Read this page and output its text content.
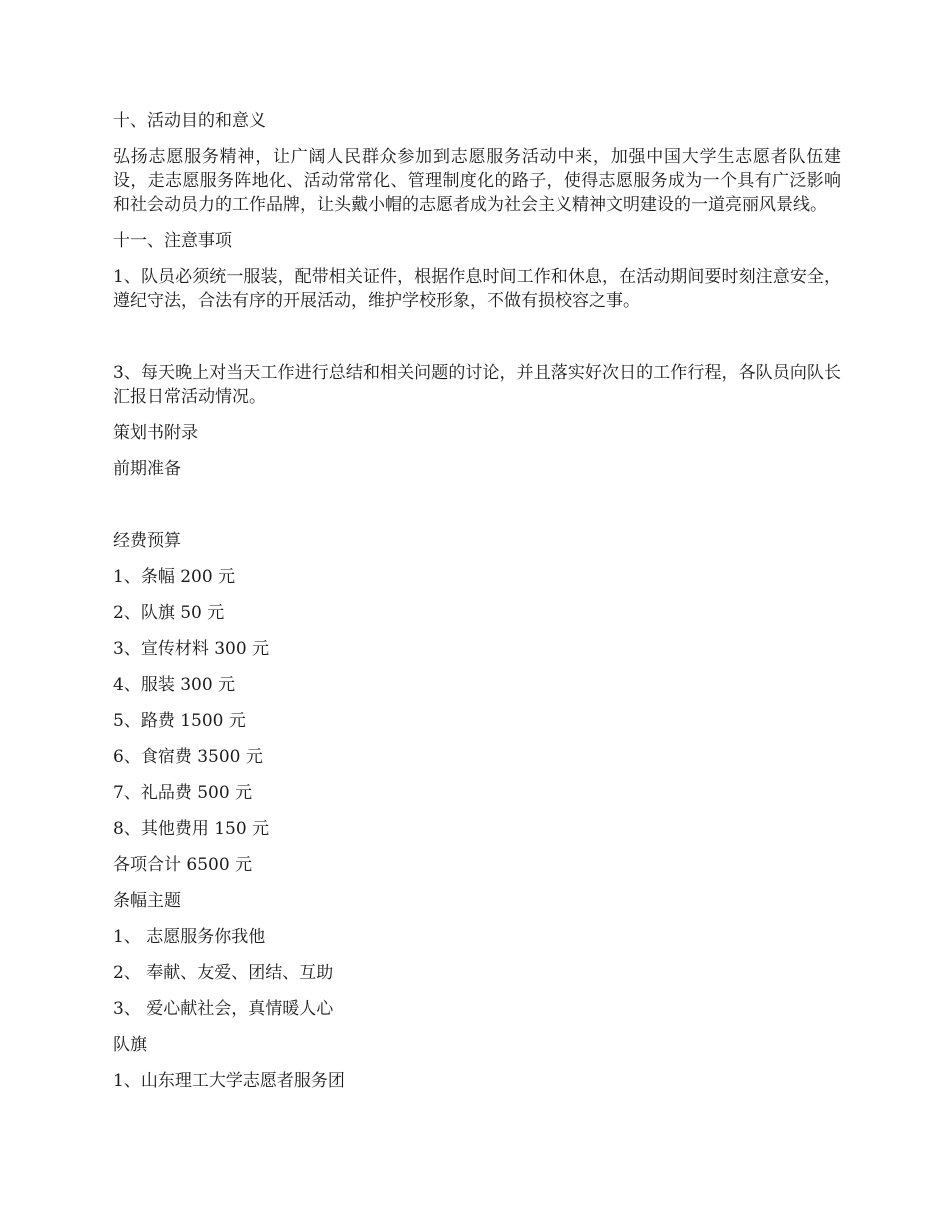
十、活动目的和意义

弘扬志愿服务精神，让广阔人民群众参加到志愿服务活动中来，加强中国大学生志愿者队伍建设，走志愿服务阵地化、活动常常化、管理制度化的路子，使得志愿服务成为一个具有广泛影响和社会动员力的工作品牌，让头戴小帽的志愿者成为社会主义精神文明建设的一道亮丽风景线。

十一、注意事项

1、队员必须统一服装，配带相关证件，根据作息时间工作和休息，在活动期间要时刻注意安全，遵纪守法，合法有序的开展活动，维护学校形象，不做有损校容之事。

3、每天晚上对当天工作进行总结和相关问题的讨论，并且落实好次日的工作行程，各队员向队长汇报日常活动情况。

策划书附录

前期准备

经费预算

1、条幅 200 元

2、队旗 50 元

3、宣传材料 300 元

4、服装 300 元

5、路费 1500 元

6、食宿费 3500 元

7、礼品费 500 元

8、其他费用 150 元

各项合计 6500 元

条幅主题

1、 志愿服务你我他

2、 奉献、友爱、团结、互助

3、 爱心献社会，真情暖人心

队旗

1、山东理工大学志愿者服务团
